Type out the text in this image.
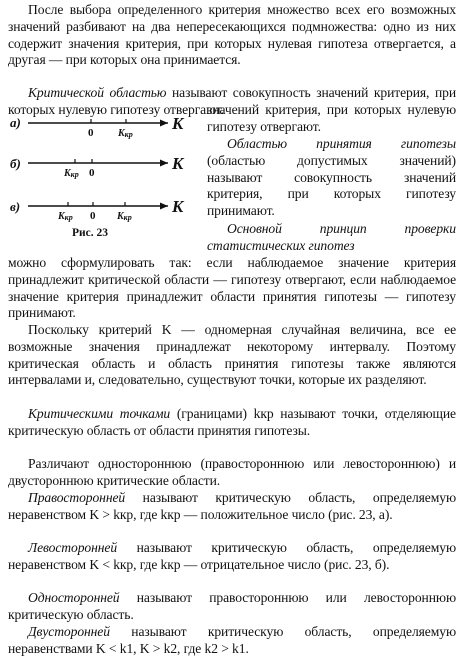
После выбора определенного критерия множество всех его возможных значений разбивают на два непересекающихся подмножества: одно из них содержит значения критерия, при которых нулевая гипотеза отвергается, а другая — при которых она принимается.

Критической областью называют совокупность значений критерия, при которых нулевую гипотезу отвергают.

а)	K
0 Kкр
б)	K
Kкр 0
в)	K
Kкр 0 Kкр
Рис. 23

значений критерия, при которых нулевую гипотезу отвергают.

Областью принятия гипотезы (областью допустимых значений) называют совокупность значений критерия, при которых гипотезу принимают.

Основной принцип проверки статистических гипотез

можно сформулировать так: если наблюдаемое значение критерия принадлежит критической области — гипотезу отвергают, если наблюдаемое значение критерия принадлежит области принятия гипотезы — гипотезу принимают.

Поскольку критерий K — одномерная случайная величина, все ее возможные значения принадлежат некоторому интервалу. Поэтому критическая область и область принятия гипотезы также являются интервалами и, следовательно, существуют точки, которые их разделяют.

Критическими точками (границами) kкр называют точки, отделяющие критическую область от области принятия гипотезы.

Различают одностороннюю (правостороннюю или левостороннюю) и двустороннюю критические области.

Правосторонней называют критическую область, определяемую неравенством K > kкр, где kкр — положительное число (рис. 23, а).

Левосторонней называют критическую область, определяемую неравенством K < kкр, где kкр — отрицательное число (рис. 23, б).

Односторонней называют правостороннюю или левостороннюю критическую область.

Двусторонней называют критическую область, определяемую неравенствами K < k1, K > k2, где k2 > k1.
